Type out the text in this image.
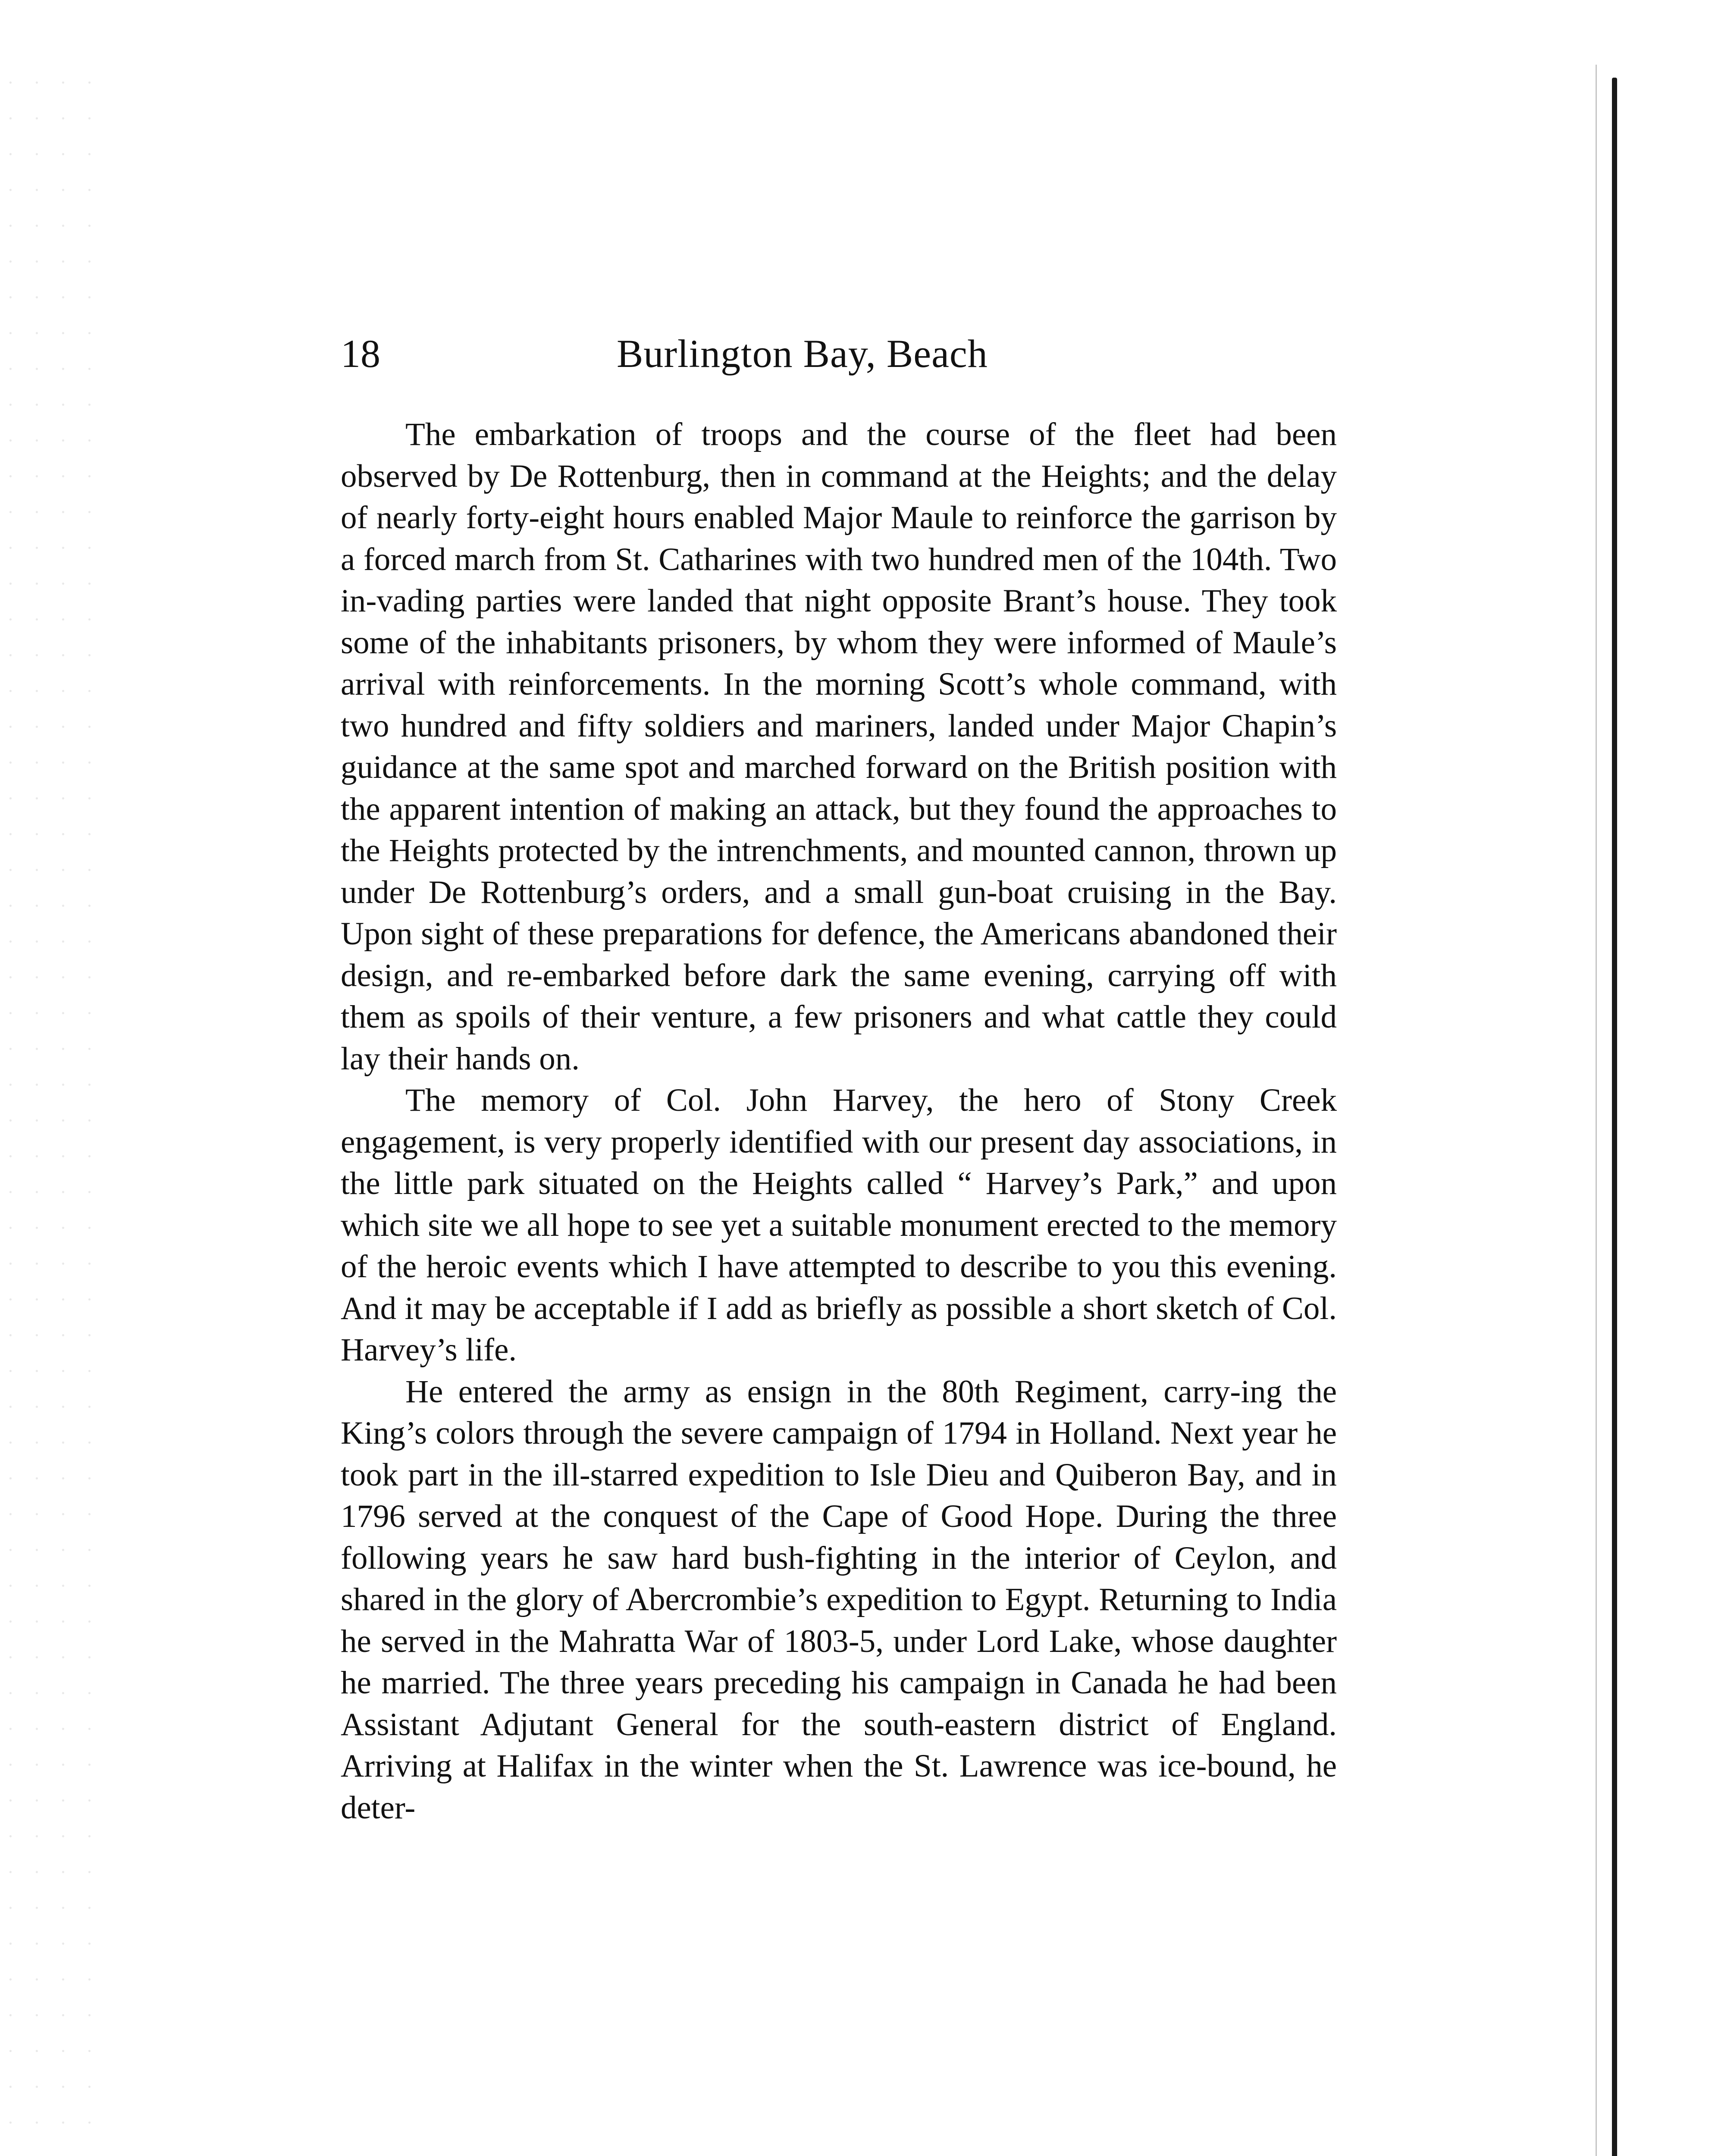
18	Burlington Bay, Beach

The embarkation of troops and the course of the fleet had been observed by De Rottenburg, then in command at the Heights; and the delay of nearly forty-eight hours enabled Major Maule to reinforce the garrison by a forced march from St. Catharines with two hundred men of the 104th. Two in-vading parties were landed that night opposite Brant’s house. They took some of the inhabitants prisoners, by whom they were informed of Maule’s arrival with reinforcements. In the morning Scott’s whole command, with two hundred and fifty soldiers and mariners, landed under Major Chapin’s guidance at the same spot and marched forward on the British position with the apparent intention of making an attack, but they found the approaches to the Heights protected by the intrenchments, and mounted cannon, thrown up under De Rottenburg’s orders, and a small gun-boat cruising in the Bay. Upon sight of these preparations for defence, the Americans abandoned their design, and re-embarked before dark the same evening, carrying off with them as spoils of their venture, a few prisoners and what cattle they could lay their hands on.

The memory of Col. John Harvey, the hero of Stony Creek engagement, is very properly identified with our present day associations, in the little park situated on the Heights called “ Harvey’s Park,” and upon which site we all hope to see yet a suitable monument erected to the memory of the heroic events which I have attempted to describe to you this evening. And it may be acceptable if I add as briefly as possible a short sketch of Col. Harvey’s life.

He entered the army as ensign in the 80th Regiment, carry-ing the King’s colors through the severe campaign of 1794 in Holland. Next year he took part in the ill-starred expedition to Isle Dieu and Quiberon Bay, and in 1796 served at the conquest of the Cape of Good Hope. During the three following years he saw hard bush-fighting in the interior of Ceylon, and shared in the glory of Abercrombie’s expedition to Egypt. Returning to India he served in the Mahratta War of 1803-5, under Lord Lake, whose daughter he married. The three years preceding his campaign in Canada he had been Assistant Adjutant General for the south-eastern district of England. Arriving at Halifax in the winter when the St. Lawrence was ice-bound, he deter-
